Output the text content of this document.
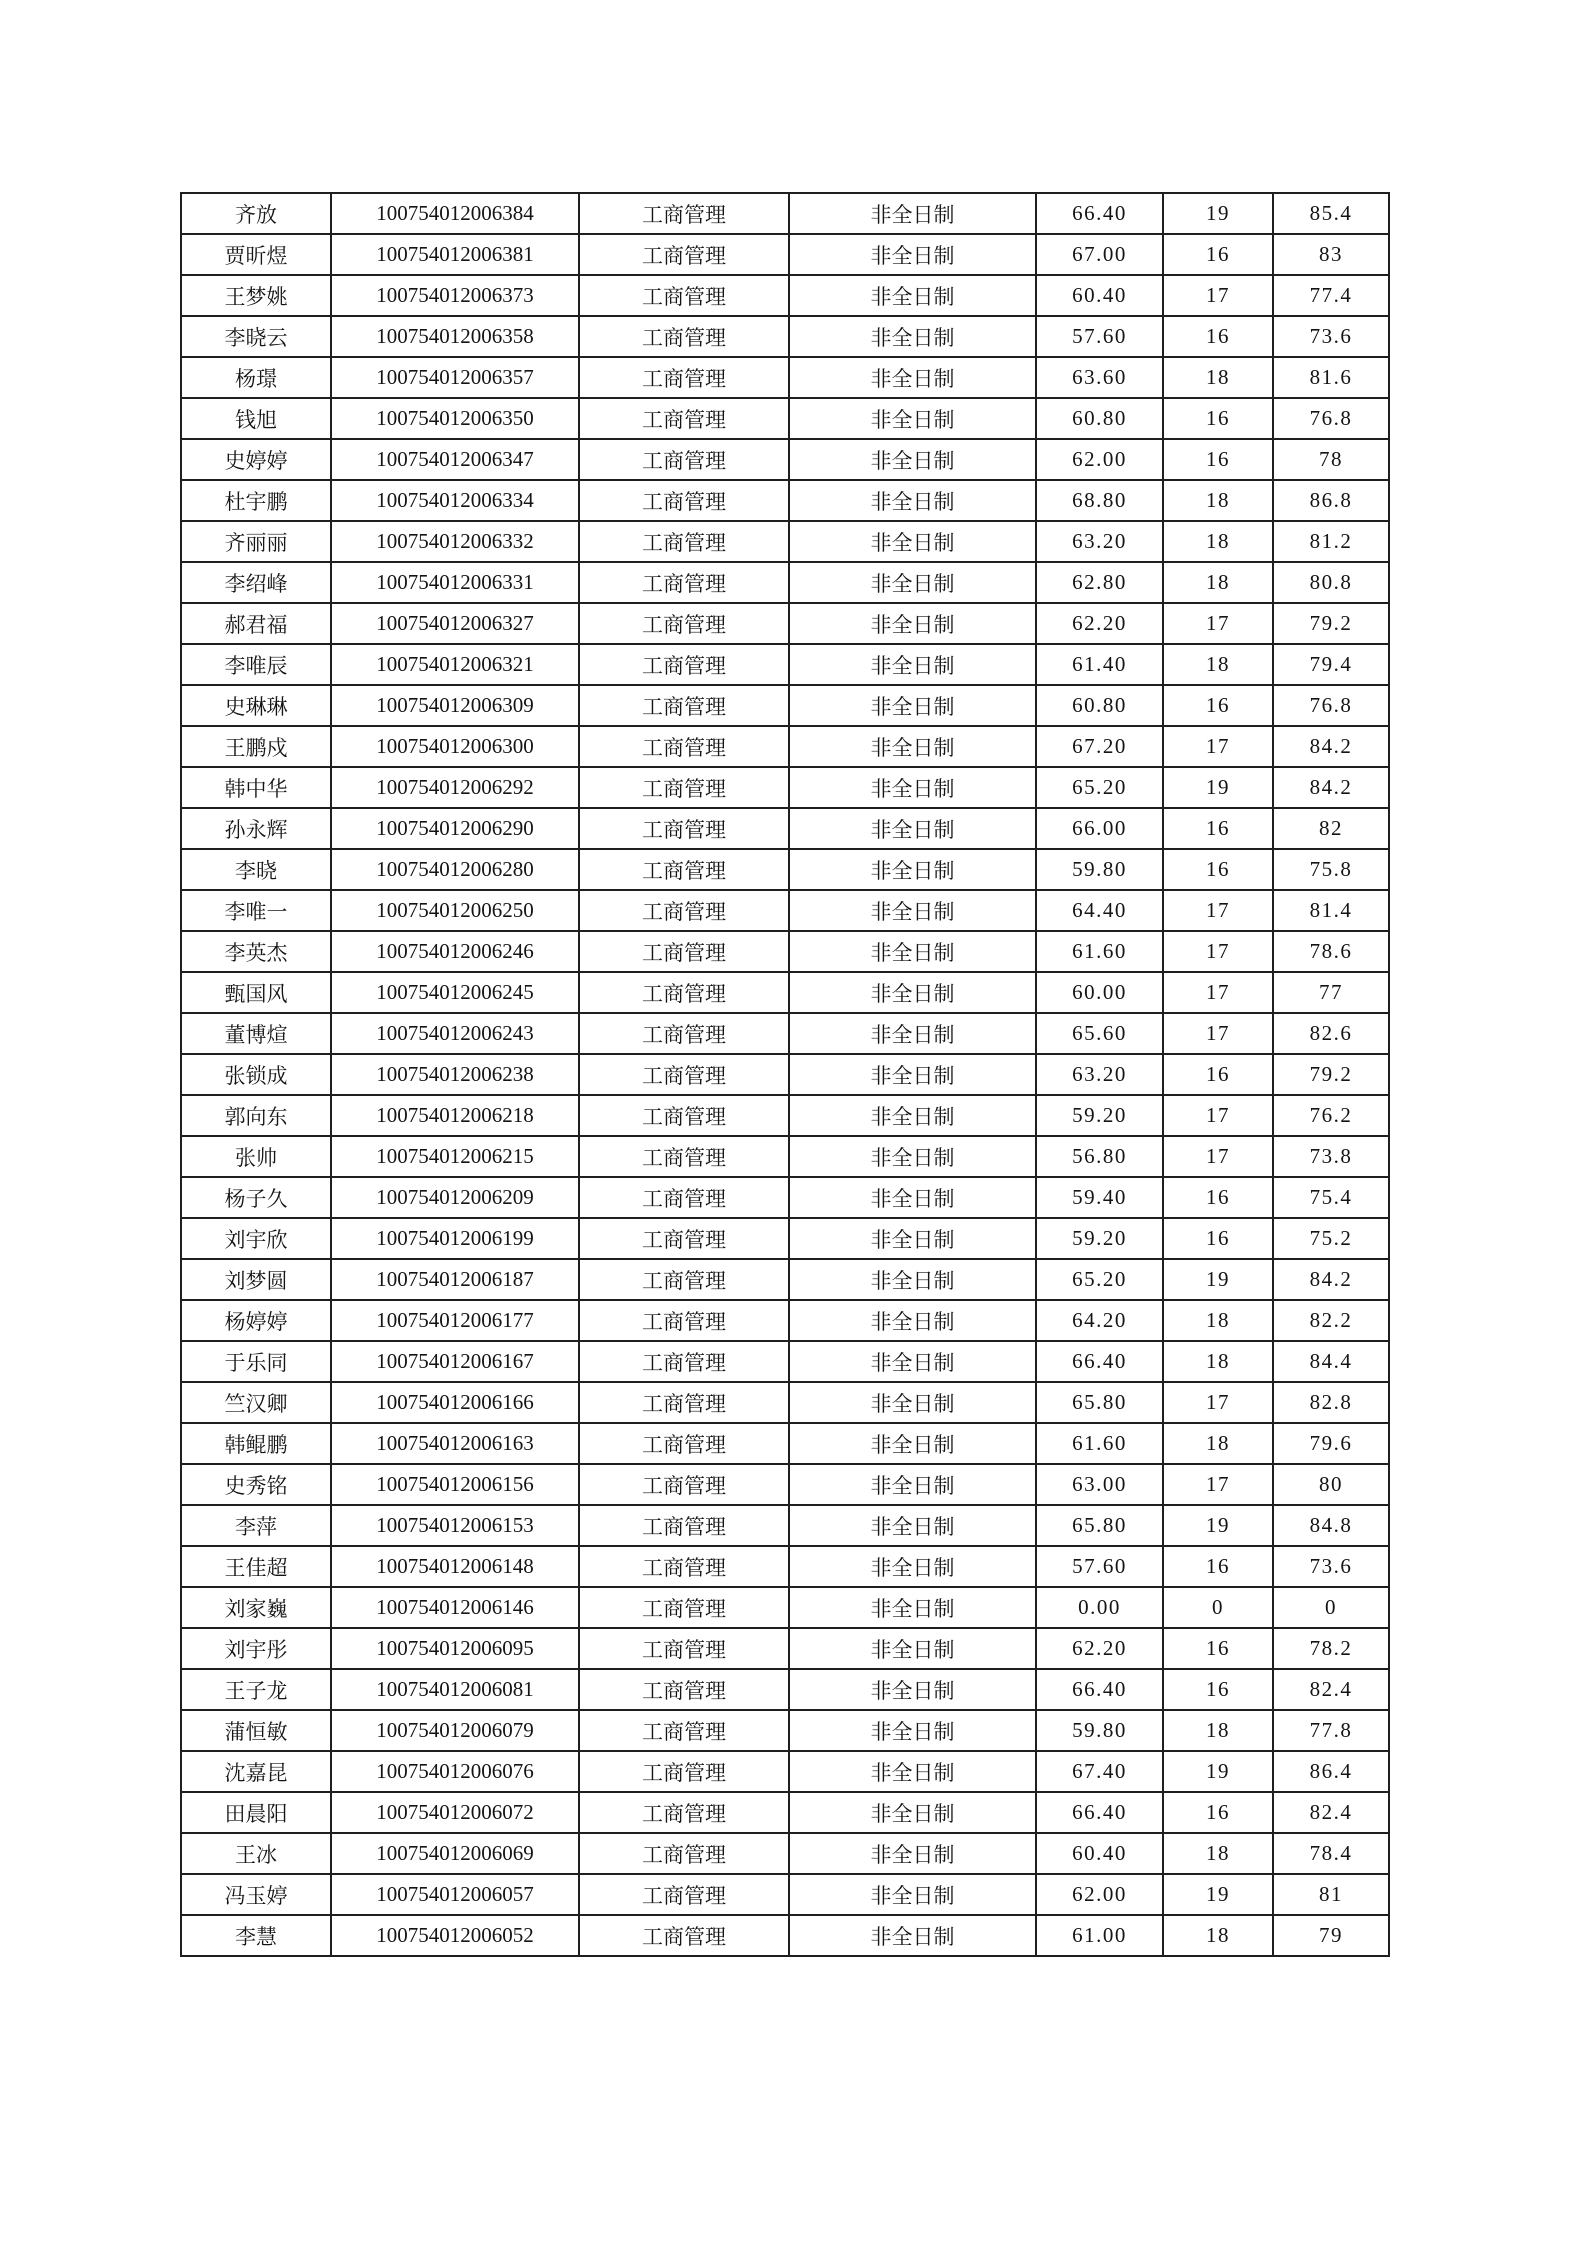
齐放	100754012006384	工商管理	非全日制	66.40	19	85.4
贾昕煜	100754012006381	工商管理	非全日制	67.00	16	83
王梦姚	100754012006373	工商管理	非全日制	60.40	17	77.4
李晓云	100754012006358	工商管理	非全日制	57.60	16	73.6
杨璟	100754012006357	工商管理	非全日制	63.60	18	81.6
钱旭	100754012006350	工商管理	非全日制	60.80	16	76.8
史婷婷	100754012006347	工商管理	非全日制	62.00	16	78
杜宇鹏	100754012006334	工商管理	非全日制	68.80	18	86.8
齐丽丽	100754012006332	工商管理	非全日制	63.20	18	81.2
李绍峰	100754012006331	工商管理	非全日制	62.80	18	80.8
郝君福	100754012006327	工商管理	非全日制	62.20	17	79.2
李唯辰	100754012006321	工商管理	非全日制	61.40	18	79.4
史琳琳	100754012006309	工商管理	非全日制	60.80	16	76.8
王鹏戍	100754012006300	工商管理	非全日制	67.20	17	84.2
韩中华	100754012006292	工商管理	非全日制	65.20	19	84.2
孙永辉	100754012006290	工商管理	非全日制	66.00	16	82
李晓	100754012006280	工商管理	非全日制	59.80	16	75.8
李唯一	100754012006250	工商管理	非全日制	64.40	17	81.4
李英杰	100754012006246	工商管理	非全日制	61.60	17	78.6
甄国风	100754012006245	工商管理	非全日制	60.00	17	77
董博煊	100754012006243	工商管理	非全日制	65.60	17	82.6
张锁成	100754012006238	工商管理	非全日制	63.20	16	79.2
郭向东	100754012006218	工商管理	非全日制	59.20	17	76.2
张帅	100754012006215	工商管理	非全日制	56.80	17	73.8
杨子久	100754012006209	工商管理	非全日制	59.40	16	75.4
刘宇欣	100754012006199	工商管理	非全日制	59.20	16	75.2
刘梦圆	100754012006187	工商管理	非全日制	65.20	19	84.2
杨婷婷	100754012006177	工商管理	非全日制	64.20	18	82.2
于乐同	100754012006167	工商管理	非全日制	66.40	18	84.4
竺汉卿	100754012006166	工商管理	非全日制	65.80	17	82.8
韩鲲鹏	100754012006163	工商管理	非全日制	61.60	18	79.6
史秀铭	100754012006156	工商管理	非全日制	63.00	17	80
李萍	100754012006153	工商管理	非全日制	65.80	19	84.8
王佳超	100754012006148	工商管理	非全日制	57.60	16	73.6
刘家巍	100754012006146	工商管理	非全日制	0.00	0	0
刘宇彤	100754012006095	工商管理	非全日制	62.20	16	78.2
王子龙	100754012006081	工商管理	非全日制	66.40	16	82.4
蒲恒敏	100754012006079	工商管理	非全日制	59.80	18	77.8
沈嘉昆	100754012006076	工商管理	非全日制	67.40	19	86.4
田晨阳	100754012006072	工商管理	非全日制	66.40	16	82.4
王冰	100754012006069	工商管理	非全日制	60.40	18	78.4
冯玉婷	100754012006057	工商管理	非全日制	62.00	19	81
李慧	100754012006052	工商管理	非全日制	61.00	18	79
